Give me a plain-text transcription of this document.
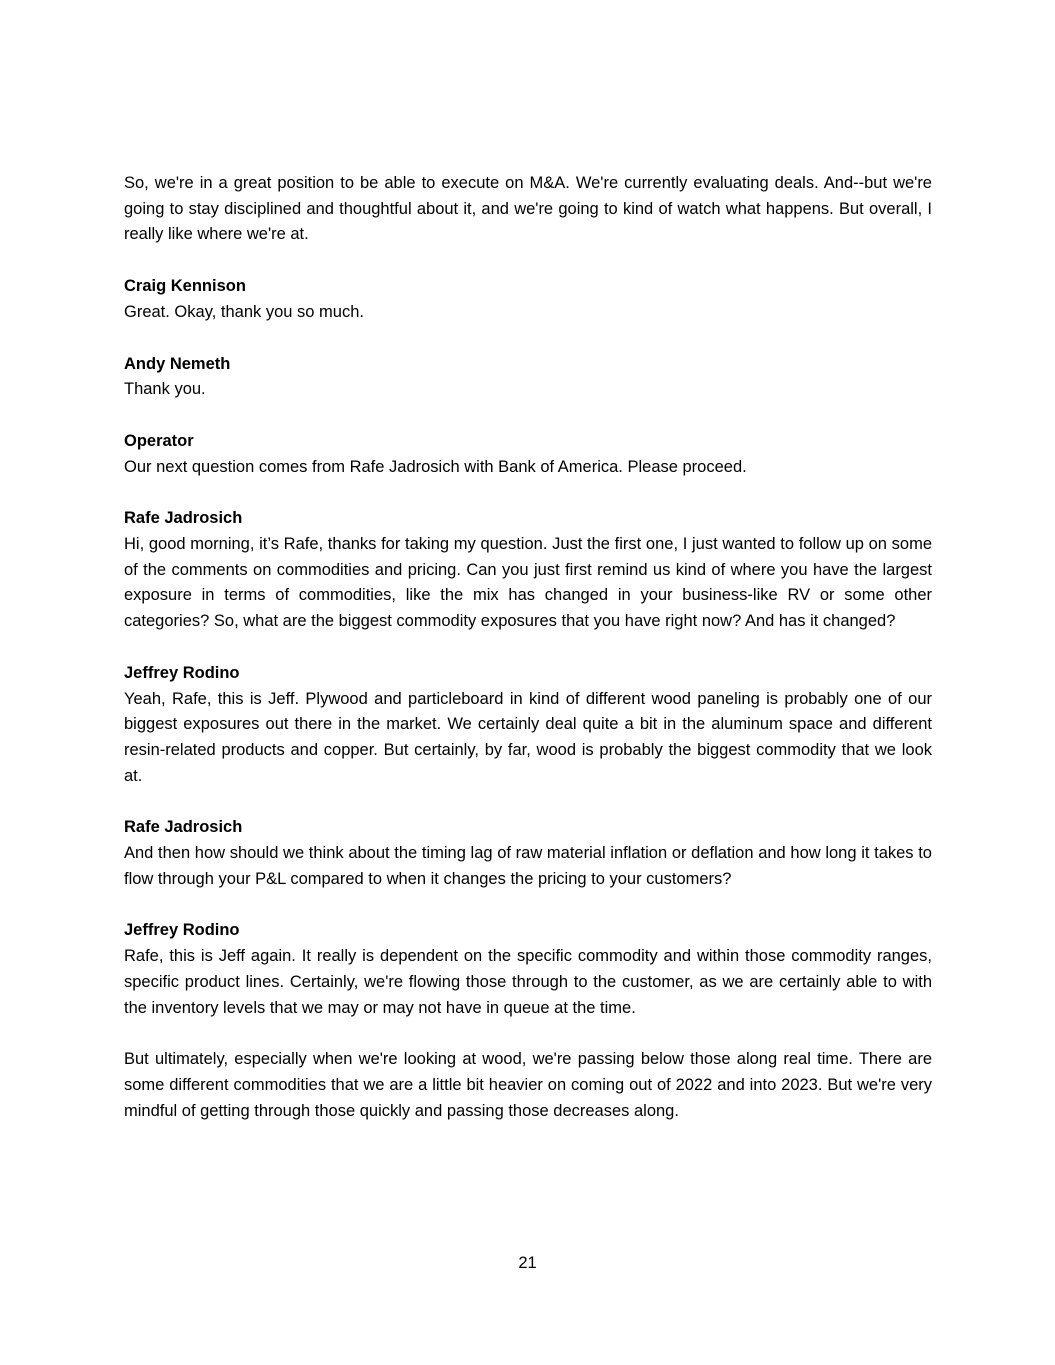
So, we're in a great position to be able to execute on M&A. We're currently evaluating deals. And--but we're going to stay disciplined and thoughtful about it, and we're going to kind of watch what happens. But overall, I really like where we're at.

Craig Kennison

Great. Okay, thank you so much.

Andy Nemeth

Thank you.

Operator

Our next question comes from Rafe Jadrosich with Bank of America. Please proceed.

Rafe Jadrosich

Hi, good morning, it’s Rafe, thanks for taking my question. Just the first one, I just wanted to follow up on some of the comments on commodities and pricing. Can you just first remind us kind of where you have the largest exposure in terms of commodities, like the mix has changed in your business-like RV or some other categories? So, what are the biggest commodity exposures that you have right now? And has it changed?

Jeffrey Rodino

Yeah, Rafe, this is Jeff. Plywood and particleboard in kind of different wood paneling is probably one of our biggest exposures out there in the market. We certainly deal quite a bit in the aluminum space and different resin-related products and copper. But certainly, by far, wood is probably the biggest commodity that we look at.

Rafe Jadrosich

And then how should we think about the timing lag of raw material inflation or deflation and how long it takes to flow through your P&L compared to when it changes the pricing to your customers?

Jeffrey Rodino

Rafe, this is Jeff again. It really is dependent on the specific commodity and within those commodity ranges, specific product lines. Certainly, we're flowing those through to the customer, as we are certainly able to with the inventory levels that we may or may not have in queue at the time.

But ultimately, especially when we're looking at wood, we're passing below those along real time. There are some different commodities that we are a little bit heavier on coming out of 2022 and into 2023. But we're very mindful of getting through those quickly and passing those decreases along.

21
